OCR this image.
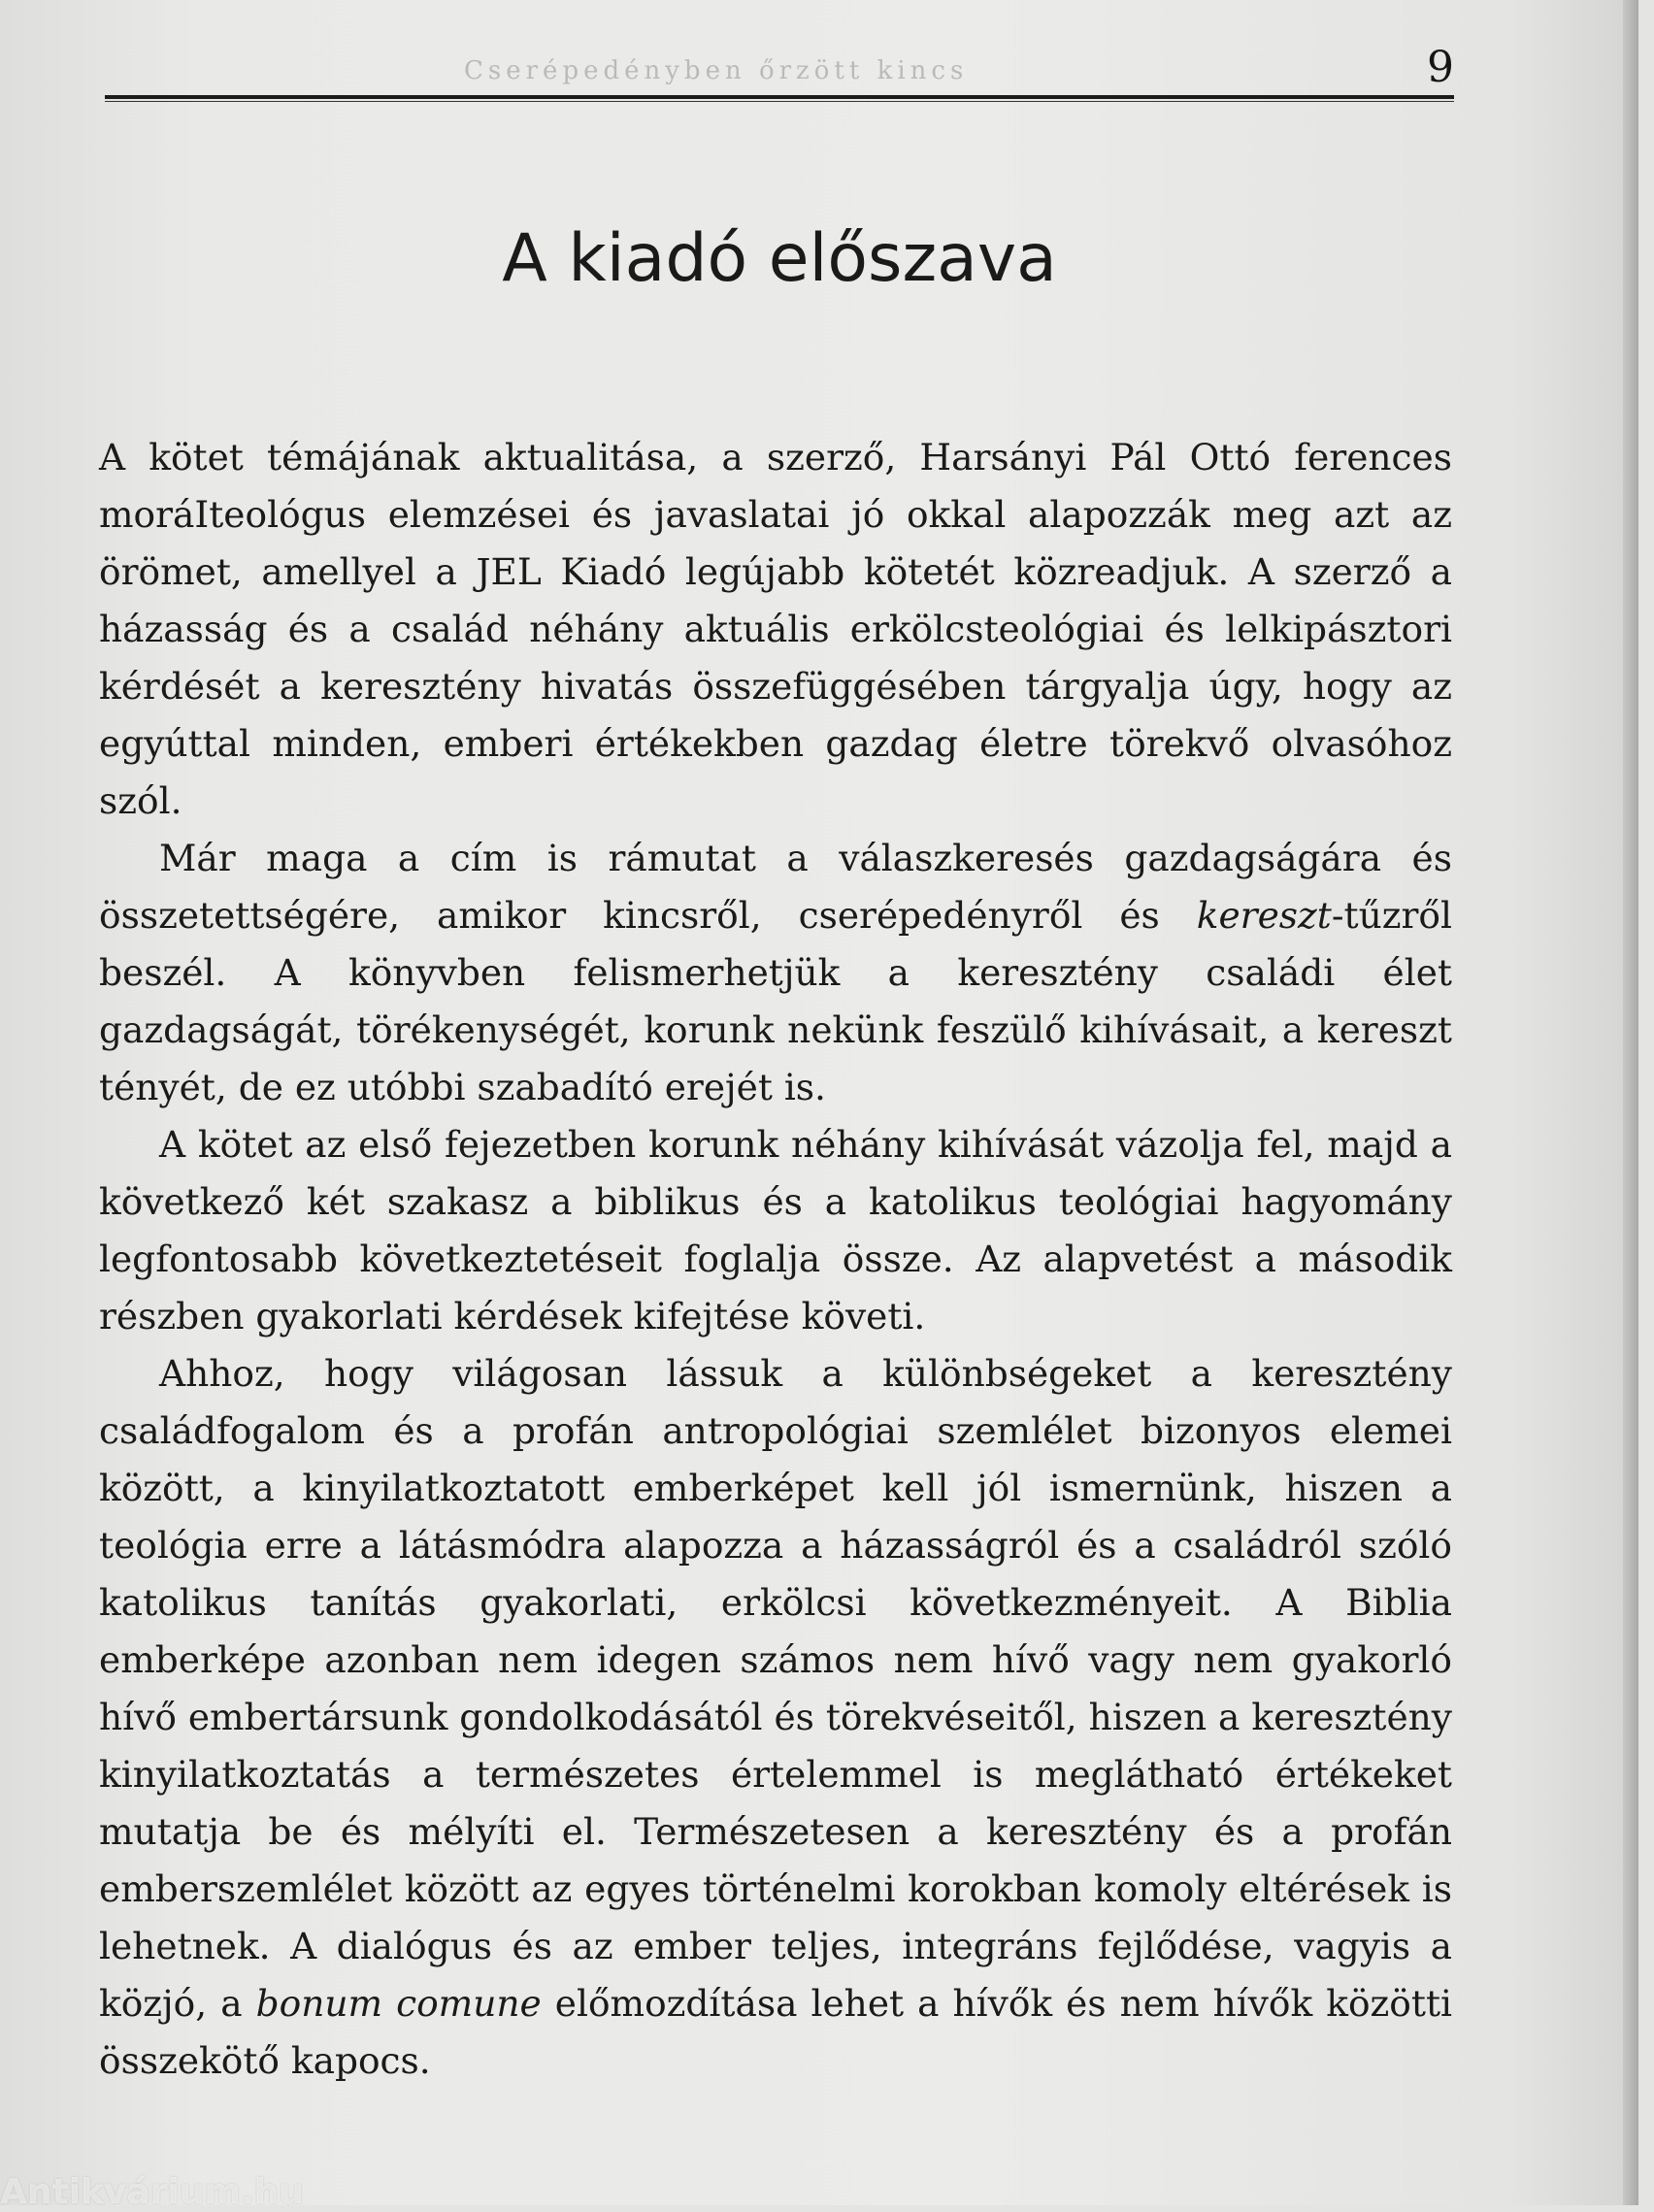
Cserépedényben őrzött kincs	9
A kiadó előszava

A kötet témájának aktualitása, a szerző, Harsányi Pál Ottó ferences moráIteológus elemzései és javaslatai jó okkal alapozzák meg azt az örömet, amellyel a JEL Kiadó legújabb kötetét közreadjuk. A szerző a házasság és a család néhány aktuális erkölcsteológiai és lelkipásztori kérdését a keresztény hivatás összefüggésében tárgyalja úgy, hogy az egyúttal minden, emberi értékekben gazdag életre törekvő olvasóhoz szól.

Már maga a cím is rámutat a válaszkeresés gazdagságára és összetettségére, amikor kincsről, cserépedényről és kereszt-tűzről beszél. A könyvben felismerhetjük a keresztény családi élet gazdagságát, törékenységét, korunk nekünk feszülő kihívásait, a kereszt tényét, de ez utóbbi szabadító erejét is.

A kötet az első fejezetben korunk néhány kihívását vázolja fel, majd a következő két szakasz a biblikus és a katolikus teológiai hagyomány legfontosabb következtetéseit foglalja össze. Az alapvetést a második részben gyakorlati kérdések kifejtése követi.

Ahhoz, hogy világosan lássuk a különbségeket a keresztény családfogalom és a profán antropológiai szemlélet bizonyos elemei között, a kinyilatkoztatott emberképet kell jól ismernünk, hiszen a teológia erre a látásmódra alapozza a házasságról és a családról szóló katolikus tanítás gyakorlati, erkölcsi következményeit. A Biblia emberképe azonban nem idegen számos nem hívő vagy nem gyakorló hívő embertársunk gondolkodásától és törekvéseitől, hiszen a keresztény kinyilatkoztatás a természetes értelemmel is meglátható értékeket mutatja be és mélyíti el. Természetesen a keresztény és a profán emberszemlélet között az egyes történelmi korokban komoly eltérések is lehetnek. A dialógus és az ember teljes, integráns fejlődése, vagyis a közjó, a bonum comune előmozdítása lehet a hívők és nem hívők közötti összekötő kapocs.

Antikvárium.hu
